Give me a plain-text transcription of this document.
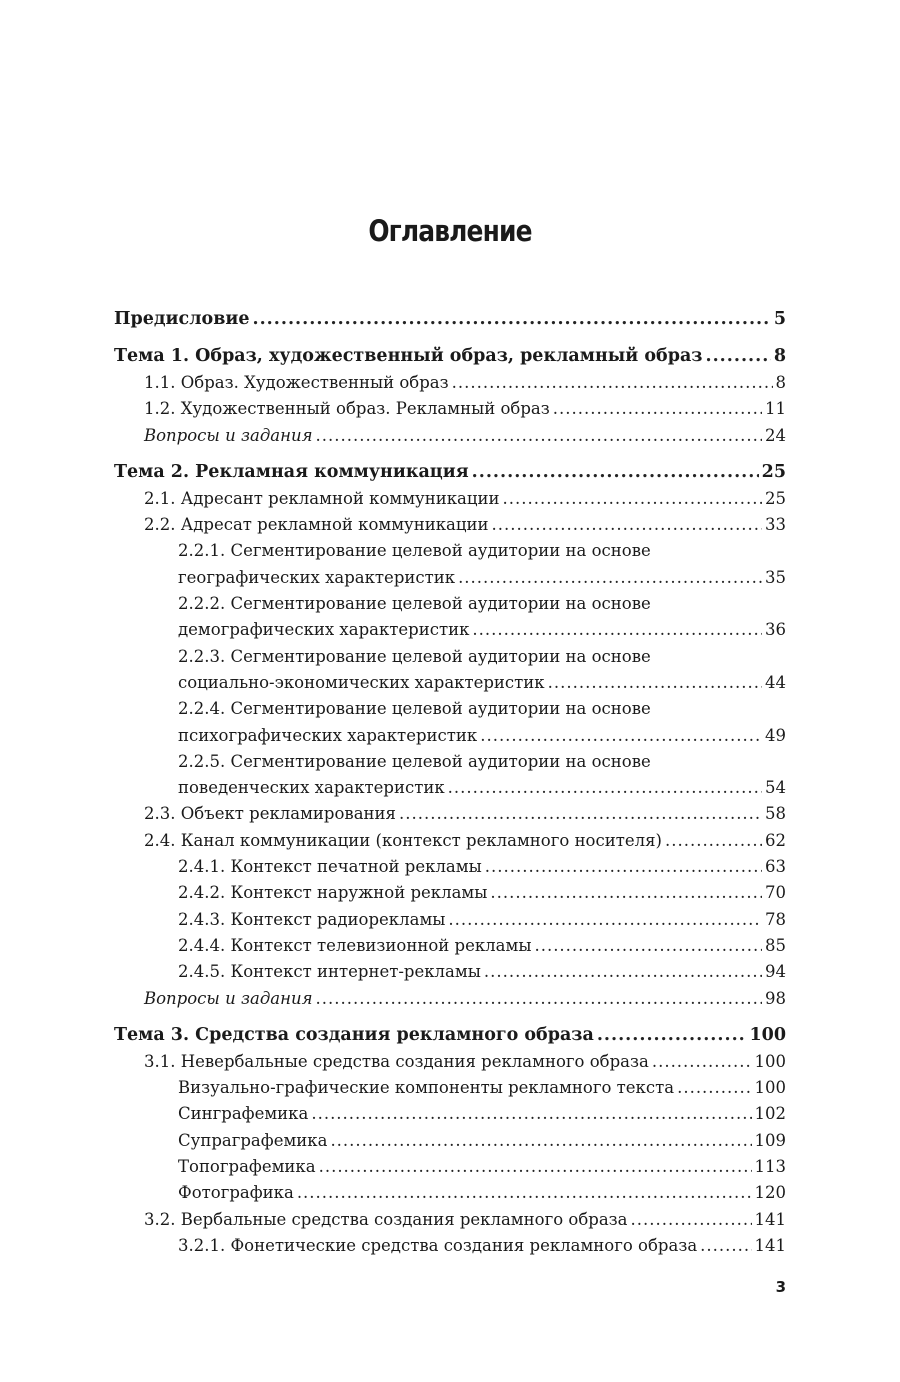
Оглавление
Предисловие .....	5
Тема 1. Образ, художественный образ, рекламный образ .....	8
1.1. Образ. Художественный образ .....	8
1.2. Художественный образ. Рекламный образ .....	11
Вопросы и задания .....	24
Тема 2. Рекламная коммуникация .....	25
2.1. Адресант рекламной коммуникации .....	25
2.2. Адресат рекламной коммуникации .....	33
2.2.1. Сегментирование целевой аудитории на основе
географических характеристик .....	35
2.2.2. Сегментирование целевой аудитории на основе
демографических характеристик .....	36
2.2.3. Сегментирование целевой аудитории на основе
социально-экономических характеристик .....	44
2.2.4. Сегментирование целевой аудитории на основе
психографических характеристик .....	49
2.2.5. Сегментирование целевой аудитории на основе
поведенческих характеристик .....	54
2.3. Объект рекламирования .....	58
2.4. Канал коммуникации (контекст рекламного носителя) .....	62
2.4.1. Контекст печатной рекламы .....	63
2.4.2. Контекст наружной рекламы .....	70
2.4.3. Контекст радиорекламы .....	78
2.4.4. Контекст телевизионной рекламы .....	85
2.4.5. Контекст интернет-рекламы .....	94
Вопросы и задания .....	98
Тема 3. Средства создания рекламного образа .....	100
3.1. Невербальные средства создания рекламного образа .....	100
Визуально-графические компоненты рекламного текста .....	100
Синграфемика .....	102
Супраграфемика .....	109
Топографемика .....	113
Фотографика .....	120
3.2. Вербальные средства создания рекламного образа .....	141
3.2.1. Фонетические средства создания рекламного образа .....	141
3
